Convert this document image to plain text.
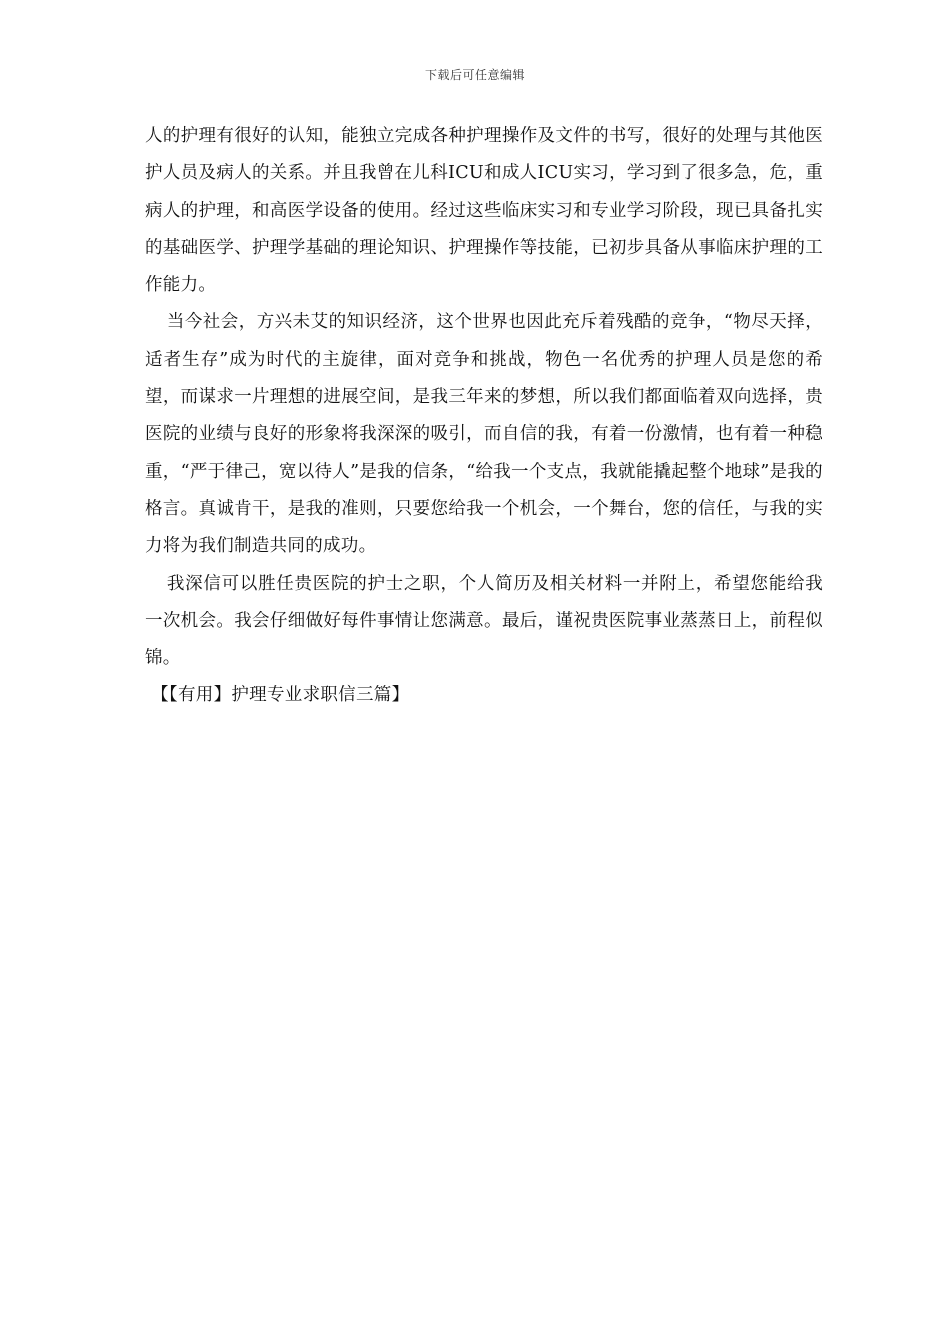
下载后可任意编辑

人的护理有很好的认知，能独立完成各种护理操作及文件的书写，很好的处理与其他医护人员及病人的关系。并且我曾在儿科ICU和成人ICU实习，学习到了很多急，危，重病人的护理，和高医学设备的使用。经过这些临床实习和专业学习阶段，现已具备扎实的基础医学、护理学基础的理论知识、护理操作等技能，已初步具备从事临床护理的工作能力。

当今社会，方兴未艾的知识经济，这个世界也因此充斥着残酷的竞争，“物尽天择，适者生存”成为时代的主旋律，面对竞争和挑战，物色一名优秀的护理人员是您的希望，而谋求一片理想的进展空间，是我三年来的梦想，所以我们都面临着双向选择，贵医院的业绩与良好的形象将我深深的吸引，而自信的我，有着一份激情，也有着一种稳重，“严于律己，宽以待人”是我的信条，“给我一个支点，我就能撬起整个地球”是我的格言。真诚肯干，是我的准则，只要您给我一个机会，一个舞台，您的信任，与我的实力将为我们制造共同的成功。

我深信可以胜任贵医院的护士之职，个人简历及相关材料一并附上，希望您能给我一次机会。我会仔细做好每件事情让您满意。最后，谨祝贵医院事业蒸蒸日上，前程似锦。

【【有用】护理专业求职信三篇】
